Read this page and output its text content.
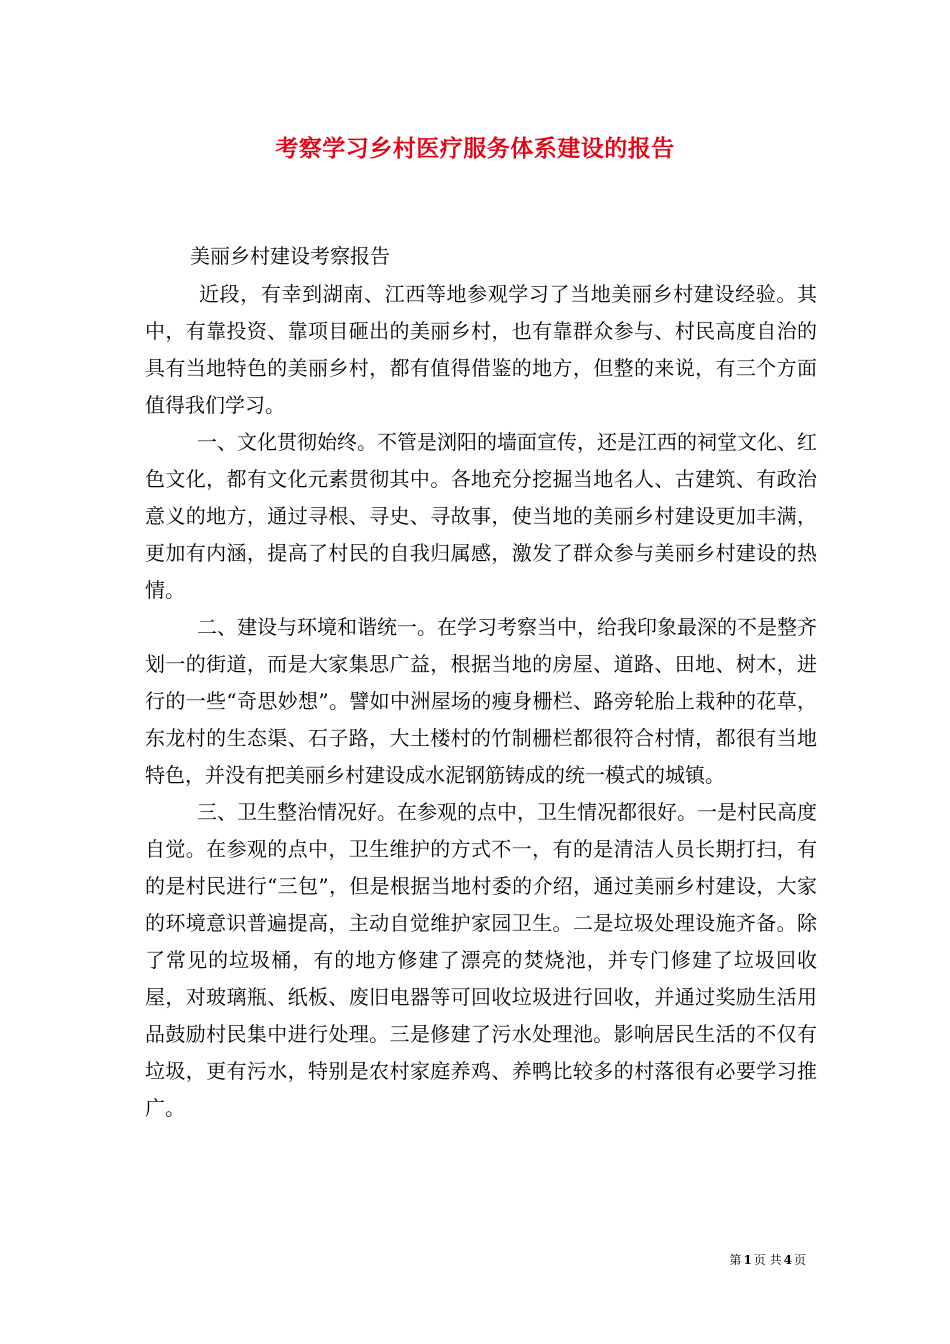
考察学习乡村医疗服务体系建设的报告
美丽乡村建设考察报告

近段，有幸到湖南、江西等地参观学习了当地美丽乡村建设经验。其中，有靠投资、靠项目砸出的美丽乡村，也有靠群众参与、村民高度自治的具有当地特色的美丽乡村，都有值得借鉴的地方，但整的来说，有三个方面值得我们学习。

一、文化贯彻始终。不管是浏阳的墙面宣传，还是江西的祠堂文化、红色文化，都有文化元素贯彻其中。各地充分挖掘当地名人、古建筑、有政治意义的地方，通过寻根、寻史、寻故事，使当地的美丽乡村建设更加丰满，更加有内涵，提高了村民的自我归属感，激发了群众参与美丽乡村建设的热情。

二、建设与环境和谐统一。在学习考察当中，给我印象最深的不是整齐划一的街道，而是大家集思广益，根据当地的房屋、道路、田地、树木，进行的一些“奇思妙想”。譬如中洲屋场的瘦身栅栏、路旁轮胎上栽种的花草，东龙村的生态渠、石子路，大土楼村的竹制栅栏都很符合村情，都很有当地特色，并没有把美丽乡村建设成水泥钢筋铸成的统一模式的城镇。

三、卫生整治情况好。在参观的点中，卫生情况都很好。一是村民高度自觉。在参观的点中，卫生维护的方式不一，有的是清洁人员长期打扫，有的是村民进行“三包”，但是根据当地村委的介绍，通过美丽乡村建设，大家的环境意识普遍提高，主动自觉维护家园卫生。二是垃圾处理设施齐备。除了常见的垃圾桶，有的地方修建了漂亮的焚烧池，并专门修建了垃圾回收屋，对玻璃瓶、纸板、废旧电器等可回收垃圾进行回收，并通过奖励生活用品鼓励村民集中进行处理。三是修建了污水处理池。影响居民生活的不仅有垃圾，更有污水，特别是农村家庭养鸡、养鸭比较多的村落很有必要学习推广。

第 1 页 共 4 页
